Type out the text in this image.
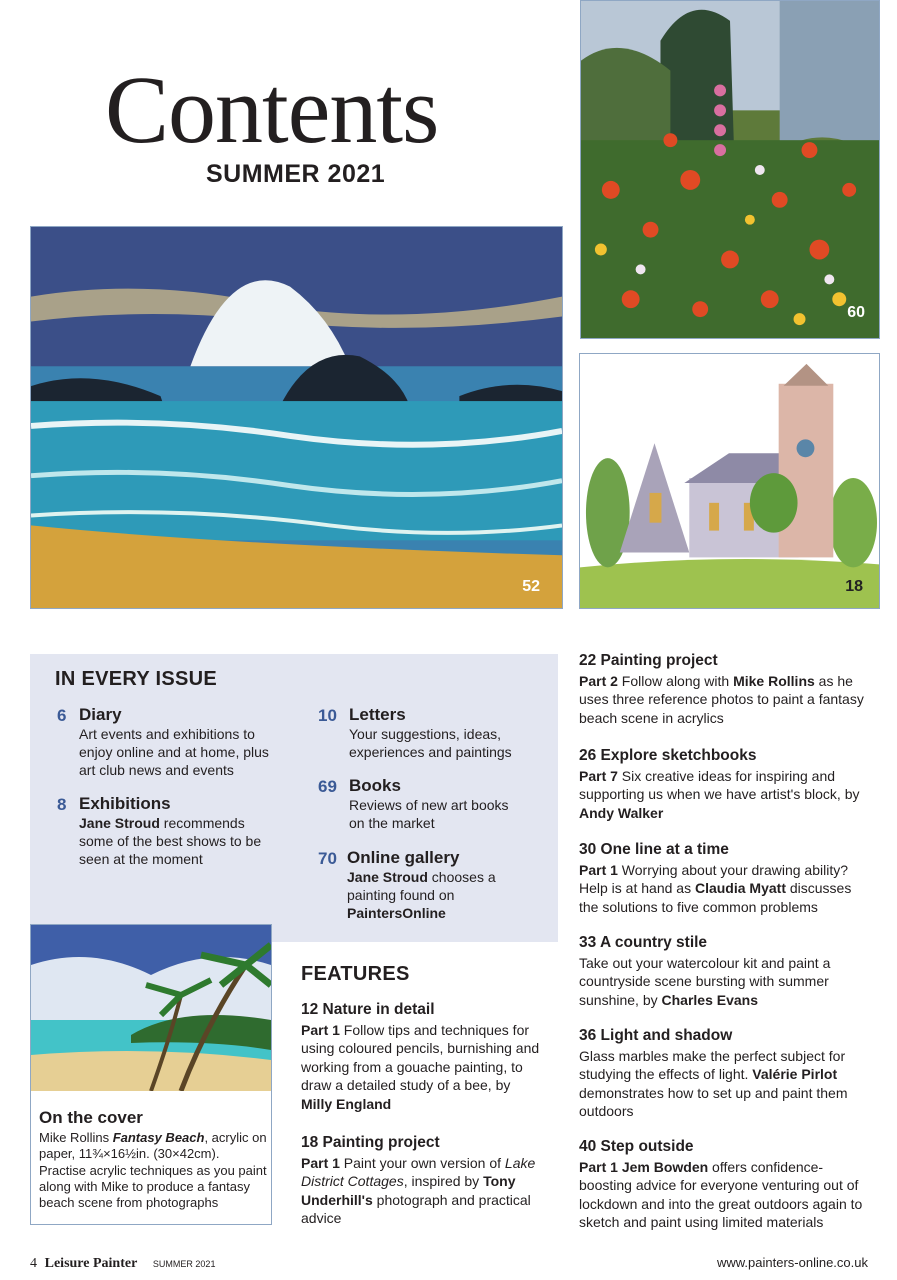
Contents
SUMMER 2021
60
52	18
IN EVERY ISSUE
6 Diary
Art events and exhibitions to enjoy online and at home, plus art club news and events
8 Exhibitions
Jane Stroud recommends some of the best shows to be seen at the moment
10 Letters
Your suggestions, ideas, experiences and paintings
69 Books
Reviews of new art books on the market
70 Online gallery
Jane Stroud chooses a painting found on PaintersOnline
On the cover
Mike Rollins Fantasy Beach, acrylic on paper, 11¾×16½in. (30×42cm). Practise acrylic techniques as you paint along with Mike to produce a fantasy beach scene from photographs
FEATURES
12 Nature in detail
Part 1 Follow tips and techniques for using coloured pencils, burnishing and working from a gouache painting, to draw a detailed study of a bee, by Milly England
18 Painting project
Part 1 Paint your own version of Lake District Cottages, inspired by Tony Underhill's photograph and practical advice
22 Painting project
Part 2 Follow along with Mike Rollins as he uses three reference photos to paint a fantasy beach scene in acrylics
26 Explore sketchbooks
Part 7 Six creative ideas for inspiring and supporting us when we have artist's block, by Andy Walker
30 One line at a time
Part 1 Worrying about your drawing ability? Help is at hand as Claudia Myatt discusses the solutions to five common problems
33 A country stile
Take out your watercolour kit and paint a countryside scene bursting with summer sunshine, by Charles Evans
36 Light and shadow
Glass marbles make the perfect subject for studying the effects of light. Valérie Pirlot demonstrates how to set up and paint them outdoors
40 Step outside
Part 1 Jem Bowden offers confidence-boosting advice for everyone venturing out of lockdown and into the great outdoors again to sketch and paint using limited materials
4 Leisure Painter SUMMER 2021	www.painters-online.co.uk
